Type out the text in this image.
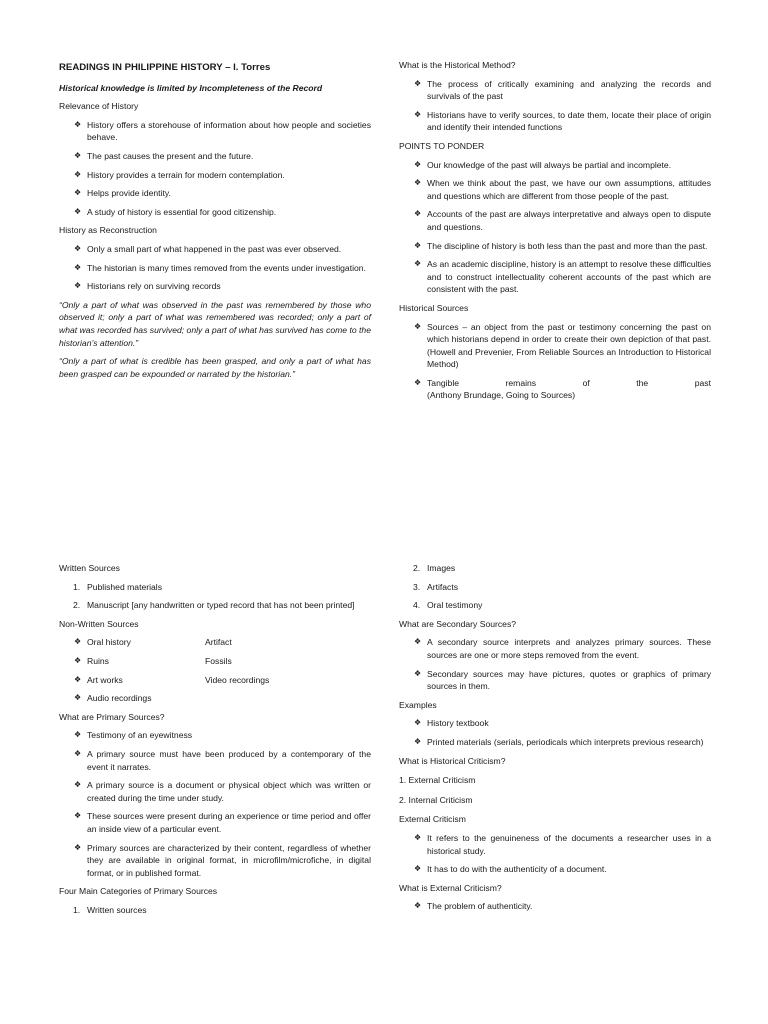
READINGS IN PHILIPPINE HISTORY – I. Torres

Historical knowledge is limited by Incompleteness of the Record

Relevance of History

❖ History offers a storehouse of information about how people and societies behave.
❖ The past causes the present and the future.
❖ History provides a terrain for modern contemplation.
❖ Helps provide identity.
❖ A study of history is essential for good citizenship.

History as Reconstruction

❖ Only a small part of what happened in the past was ever observed.
❖ The historian is many times removed from the events under investigation.
❖ Historians rely on surviving records

“Only a part of what was observed in the past was remembered by those who observed it; only a part of what was remembered was recorded; only a part of what was recorded has survived; only a part of what has survived has come to the historian’s attention.”

“Only a part of what is credible has been grasped, and only a part of what has been grasped can be expounded or narrated by the historian.”

What is the Historical Method?

❖ The process of critically examining and analyzing the records and survivals of the past
❖ Historians have to verify sources, to date them, locate their place of origin and identify their intended functions

POINTS TO PONDER

❖ Our knowledge of the past will always be partial and incomplete.
❖ When we think about the past, we have our own assumptions, attitudes and questions which are different from those people of the past.
❖ Accounts of the past are always interpretative and always open to dispute and questions.
❖ The discipline of history is both less than the past and more than the past.
❖ As an academic discipline, history is an attempt to resolve these difficulties and to construct intellectuality coherent accounts of the past which are consistent with the past.

Historical Sources

❖ Sources – an object from the past or testimony concerning the past on which historians depend in order to create their own depiction of that past. (Howell and Prevenier, From Reliable Sources an Introduction to Historical Method)
❖ Tangible	remains	of	the	past
(Anthony Brundage, Going to Sources)

Written Sources

1. Published materials
2. Manuscript [any handwritten or typed record that has not been printed]

Non-Written Sources

❖ Oral history	Artifact
❖ Ruins	Fossils
❖ Art works	Video recordings
❖ Audio recordings

What are Primary Sources?

❖ Testimony of an eyewitness
❖ A primary source must have been produced by a contemporary of the event it narrates.
❖ A primary source is a document or physical object which was written or created during the time under study.
❖ These sources were present during an experience or time period and offer an inside view of a particular event.
❖ Primary sources are characterized by their content, regardless of whether they are available in original format, in microfilm/microfiche, in digital format, or in published format.

Four Main Categories of Primary Sources

1. Written sources
2. Images
3. Artifacts
4. Oral testimony

What are Secondary Sources?

❖ A secondary source interprets and analyzes primary sources. These sources are one or more steps removed from the event.
❖ Secondary sources may have pictures, quotes or graphics of primary sources in them.

Examples

❖ History textbook
❖ Printed materials (serials, periodicals which interprets previous research)

What is Historical Criticism?

1. External Criticism

2. Internal Criticism

External Criticism

❖ It refers to the genuineness of the documents a researcher uses in a historical study.
❖ It has to do with the authenticity of a document.

What is External Criticism?

❖ The problem of authenticity.
